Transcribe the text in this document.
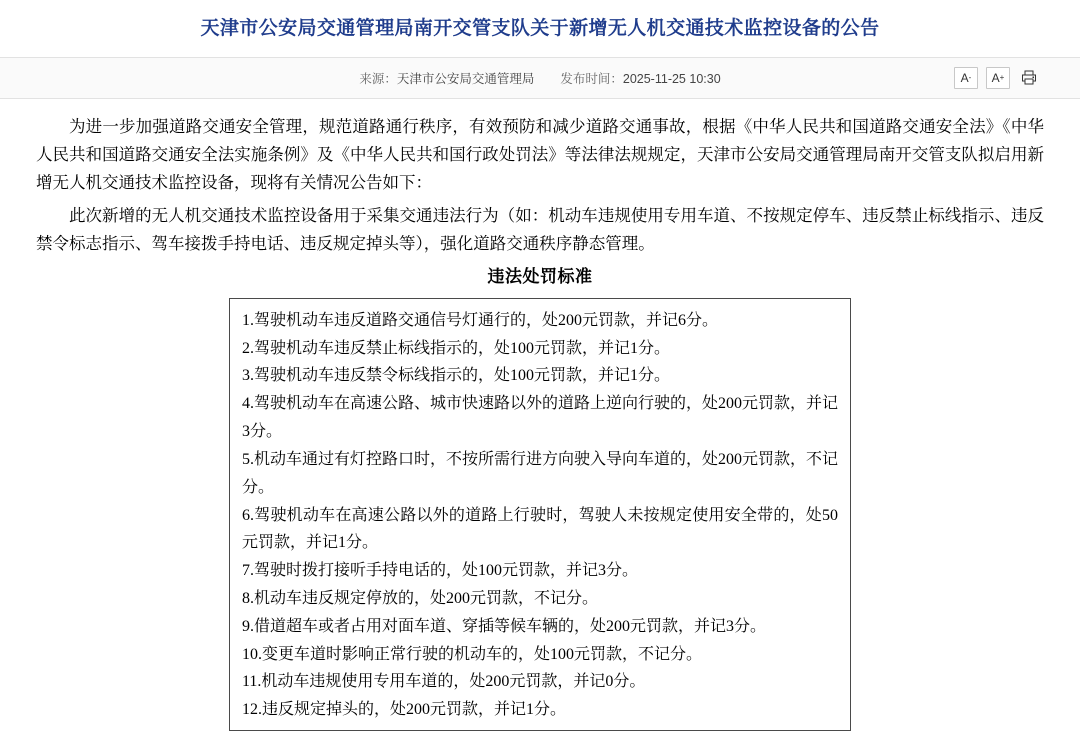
天津市公安局交通管理局南开交管支队关于新增无人机交通技术监控设备的公告
来源：天津市公安局交通管理局 发布时间：2025-11-25 10:30	A - A +

为进一步加强道路交通安全管理，规范道路通行秩序，有效预防和减少道路交通事故，根据《中华人民共和国道路交通安全法》《中华人民共和国道路交通安全法实施条例》及《中华人民共和国行政处罚法》等法律法规规定，天津市公安局交通管理局南开交管支队拟启用新增无人机交通技术监控设备，现将有关情况公告如下：

此次新增的无人机交通技术监控设备用于采集交通违法行为（如：机动车违规使用专用车道、不按规定停车、违反禁止标线指示、违反禁令标志指示、驾车接拨手持电话、违反规定掉头等），强化道路交通秩序静态管理。

违法处罚标准
1.驾驶机动车违反道路交通信号灯通行的，处200元罚款，并记6分。
2.驾驶机动车违反禁止标线指示的，处100元罚款，并记1分。
3.驾驶机动车违反禁令标线指示的，处100元罚款，并记1分。
4.驾驶机动车在高速公路、城市快速路以外的道路上逆向行驶的，处200元罚款，并记3分。
5.机动车通过有灯控路口时，不按所需行进方向驶入导向车道的，处200元罚款，不记分。
6.驾驶机动车在高速公路以外的道路上行驶时，驾驶人未按规定使用安全带的，处50元罚款，并记1分。
7.驾驶时拨打接听手持电话的，处100元罚款，并记3分。
8.机动车违反规定停放的，处200元罚款，不记分。
9.借道超车或者占用对面车道、穿插等候车辆的，处200元罚款，并记3分。
10.变更车道时影响正常行驶的机动车的，处100元罚款，不记分。
11.机动车违规使用专用车道的，处200元罚款，并记0分。
12.违反规定掉头的，处200元罚款，并记1分。
